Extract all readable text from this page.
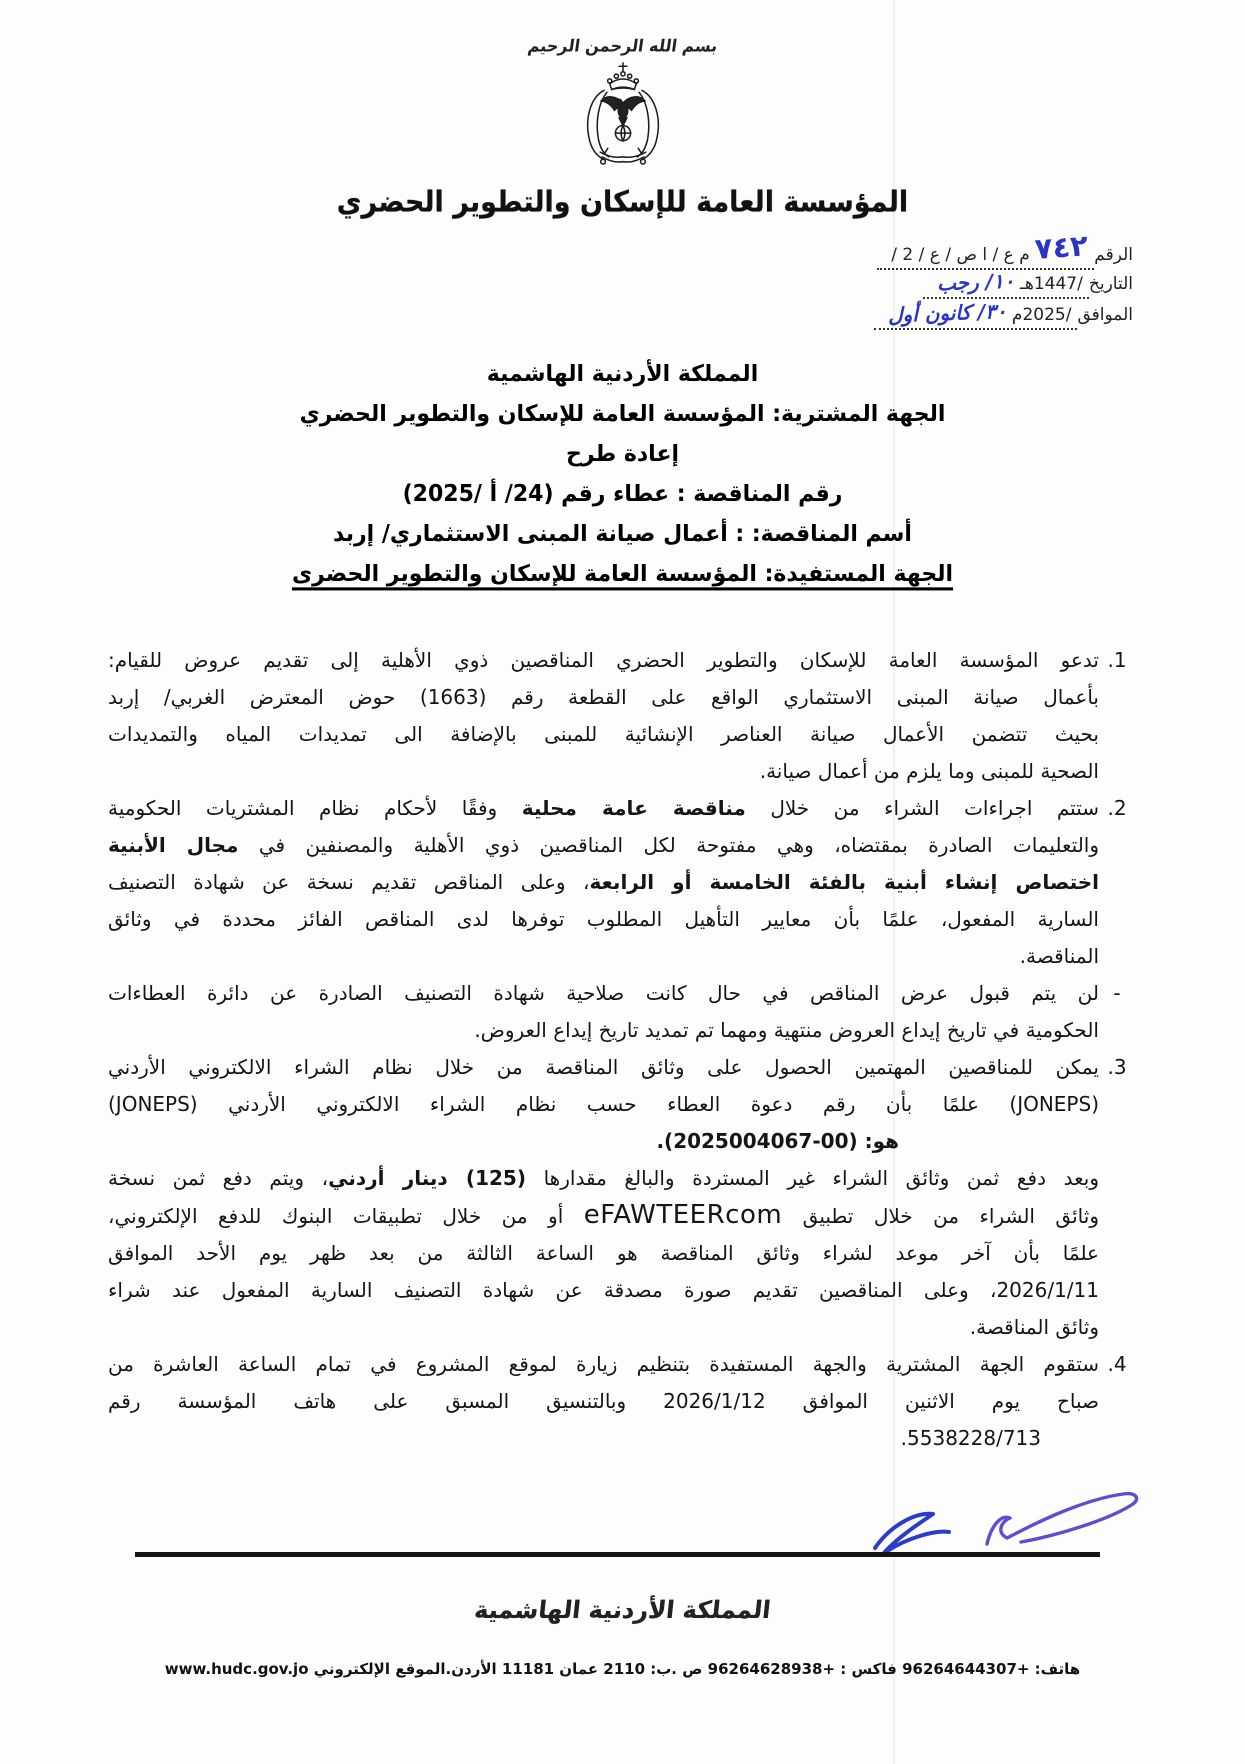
بسم الله الرحمن الرحيم
المؤسسة العامة للإسكان والتطوير الحضري
الرقم٧٤٢ م ع / ا ص / ع / 2 /
التاريخ/1447هـ ١٠/ رجب
الموافق/2025م ٣٠/ كانون أول
المملكة الأردنية الهاشمية
الجهة المشترية: المؤسسة العامة للإسكان والتطوير الحضري
إعادة طرح
رقم المناقصة : عطاء رقم (24/ أ /2025)
أسم المناقصة: : أعمال صيانة المبنى الاستثماري/ إربد
الجهة المستفيدة: المؤسسة العامة للإسكان والتطوير الحضرى
1.
تدعو المؤسسة العامة للإسكان والتطوير الحضري المناقصين ذوي الأهلية إلى تقديم عروض للقيام:
بأعمال صيانة المبنى الاستثماري الواقع على القطعة رقم (1663) حوض المعترض الغربي/ إربد
بحيث تتضمن الأعمال صيانة العناصر الإنشائية للمبنى بالإضافة الى تمديدات المياه والتمديدات
الصحية للمبنى وما يلزم من أعمال صيانة.
2.
ستتم اجراءات الشراء من خلال مناقصة عامة محلية وفقًا لأحكام نظام المشتريات الحكومية
والتعليمات الصادرة بمقتضاه، وهي مفتوحة لكل المناقصين ذوي الأهلية والمصنفين في مجال الأبنية
اختصاص إنشاء أبنية بالفئة الخامسة أو الرابعة، وعلى المناقص تقديم نسخة عن شهادة التصنيف
السارية المفعول، علمًا بأن معايير التأهيل المطلوب توفرها لدى المناقص الفائز محددة في وثائق
المناقصة.
-
لن يتم قبول عرض المناقص في حال كانت صلاحية شهادة التصنيف الصادرة عن دائرة العطاءات
الحكومية في تاريخ إيداع العروض منتهية ومهما تم تمديد تاريخ إيداع العروض.
3.
يمكن للمناقصين المهتمين الحصول على وثائق المناقصة من خلال نظام الشراء الالكتروني الأردني
(JONEPS) علمًا بأن رقم دعوة العطاء حسب نظام الشراء الالكتروني الأردني (JONEPS)
هو: (2025004067-00).
وبعد دفع ثمن وثائق الشراء غير المستردة والبالغ مقدارها (125) دينار أردني، ويتم دفع ثمن نسخة
وثائق الشراء من خلال تطبيق eFAWTEERcom أو من خلال تطبيقات البنوك للدفع الإلكتروني،
علمًا بأن آخر موعد لشراء وثائق المناقصة هو الساعة الثالثة من بعد ظهر يوم الأحد الموافق
2026/1/11، وعلى المناقصين تقديم صورة مصدقة عن شهادة التصنيف السارية المفعول عند شراء
وثائق المناقصة.
4.
ستقوم الجهة المشترية والجهة المستفيدة بتنظيم زيارة لموقع المشروع في تمام الساعة العاشرة من
صباح يوم الاثنين الموافق 2026/1/12 وبالتنسيق المسبق على هاتف المؤسسة رقم
5538228/713.
المملكة الأردنية الهاشمية
هاتف: +96264644307 فاكس : +96264628938 ص .ب: 2110 عمان 11181 الأردن.الموقع الإلكتروني www.hudc.gov.jo
